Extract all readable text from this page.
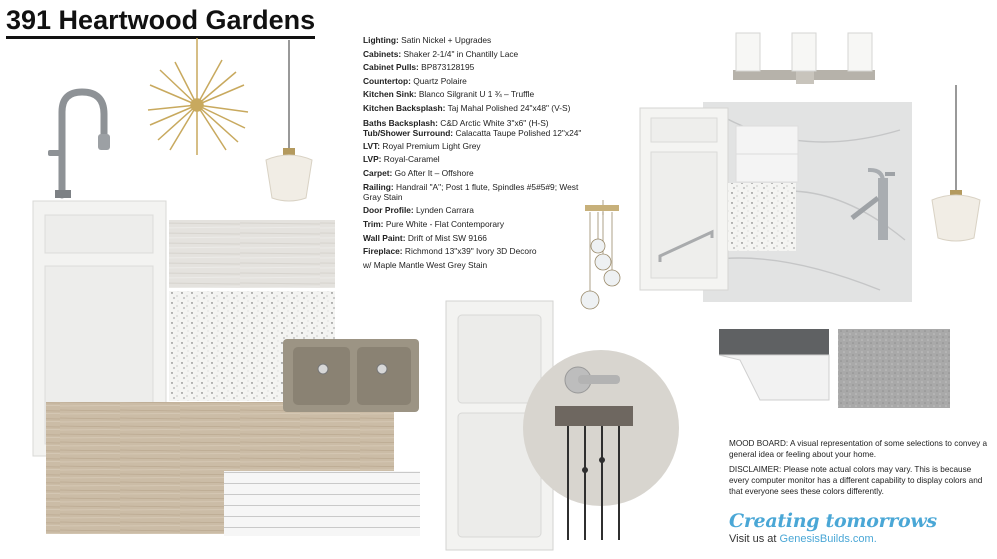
391 Heartwood Gardens
Lighting: Satin Nickel + Upgrades
Cabinets: Shaker 2-1/4" in Chantilly Lace
Cabinet Pulls: BP873128195
Countertop: Quartz Polaire
Kitchen Sink: Blanco Silgranit U 1 ¾ – Truffle
Kitchen Backsplash: Taj Mahal Polished 24"x48" (V-S)
Baths Backsplash: C&D Arctic White 3"x6" (H-S)
Tub/Shower Surround: Calacatta Taupe Polished 12"x24"
LVT: Royal Premium Light Grey
LVP: Royal-Caramel
Carpet: Go After It – Offshore
Railing: Handrail "A"; Post 1 flute, Spindles #5#5#9; West Gray Stain
Door Profile: Lynden Carrara
Trim: Pure White - Flat Contemporary
Wall Paint: Drift of Mist SW 9166
Fireplace: Richmond 13"x39" Ivory 3D Decoro
w/ Maple Mantle West Grey Stain

MOOD BOARD: A visual representation of some selections to convey a general idea or feeling about your home.

DISCLAIMER: Please note actual colors may vary. This is because every computer monitor has a different capability to display colors and that everyone sees these colors differently.

Creating tomorrows
Visit us at GenesisBuilds.com.
